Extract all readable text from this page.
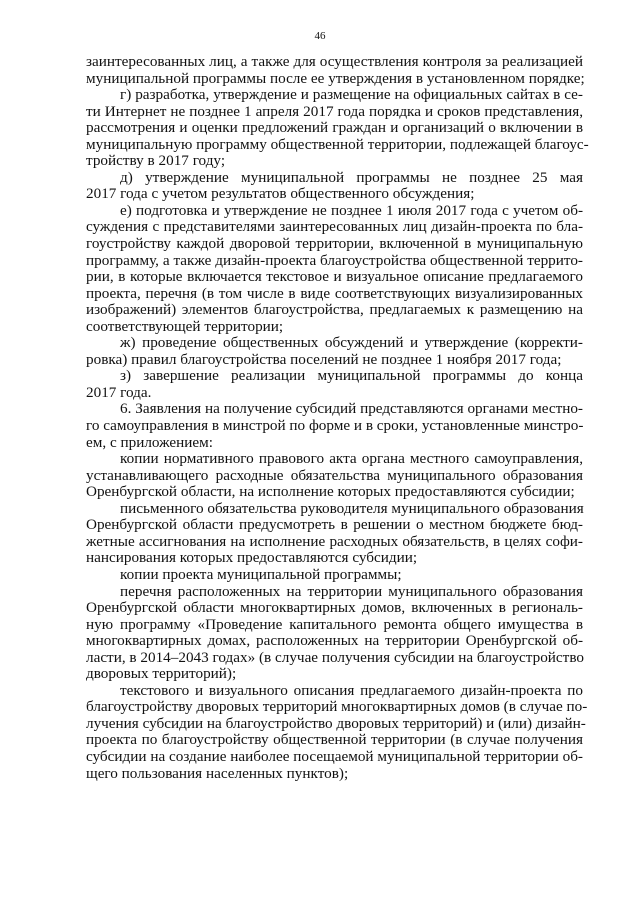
46
заинтересованных лиц, а также для осуществления контроля за реализацией
муниципальной программы после ее утверждения в установленном порядке;
г) разработка, утверждение и размещение на официальных сайтах в се-
ти Интернет не позднее 1 апреля 2017 года порядка и сроков представления,
рассмотрения и оценки предложений граждан и организаций о включении в
муниципальную программу общественной территории, подлежащей благоус-
тройству в 2017 году;
д) утверждение муниципальной программы не позднее 25 мая
2017 года с учетом результатов общественного обсуждения;
е) подготовка и утверждение не позднее 1 июля 2017 года с учетом об-
суждения с представителями заинтересованных лиц дизайн-проекта по бла-
гоустройству каждой дворовой территории, включенной в муниципальную
программу, а также дизайн-проекта благоустройства общественной террито-
рии, в которые включается текстовое и визуальное описание предлагаемого
проекта, перечня (в том числе в виде соответствующих визуализированных
изображений) элементов благоустройства, предлагаемых к размещению на
соответствующей территории;
ж) проведение общественных обсуждений и утверждение (корректи-
ровка) правил благоустройства поселений не позднее 1 ноября 2017 года;
з) завершение реализации муниципальной программы до конца
2017 года.
6. Заявления на получение субсидий представляются органами местно-
го самоуправления в минстрой по форме и в сроки, установленные минстро-
ем, с приложением:
копии нормативного правового акта органа местного самоуправления,
устанавливающего расходные обязательства муниципального образования
Оренбургской области, на исполнение которых предоставляются субсидии;
письменного обязательства руководителя муниципального образования
Оренбургской области предусмотреть в решении о местном бюджете бюд-
жетные ассигнования на исполнение расходных обязательств, в целях софи-
нансирования которых предоставляются субсидии;
копии проекта муниципальной программы;
перечня расположенных на территории муниципального образования
Оренбургской области многоквартирных домов, включенных в региональ-
ную программу «Проведение капитального ремонта общего имущества в
многоквартирных домах, расположенных на территории Оренбургской об-
ласти, в 2014–2043 годах» (в случае получения субсидии на благоустройство
дворовых территорий);
текстового и визуального описания предлагаемого дизайн-проекта по
благоустройству дворовых территорий многоквартирных домов (в случае по-
лучения субсидии на благоустройство дворовых территорий) и (или) дизайн-
проекта по благоустройству общественной территории (в случае получения
субсидии на создание наиболее посещаемой муниципальной территории об-
щего пользования населенных пунктов);
